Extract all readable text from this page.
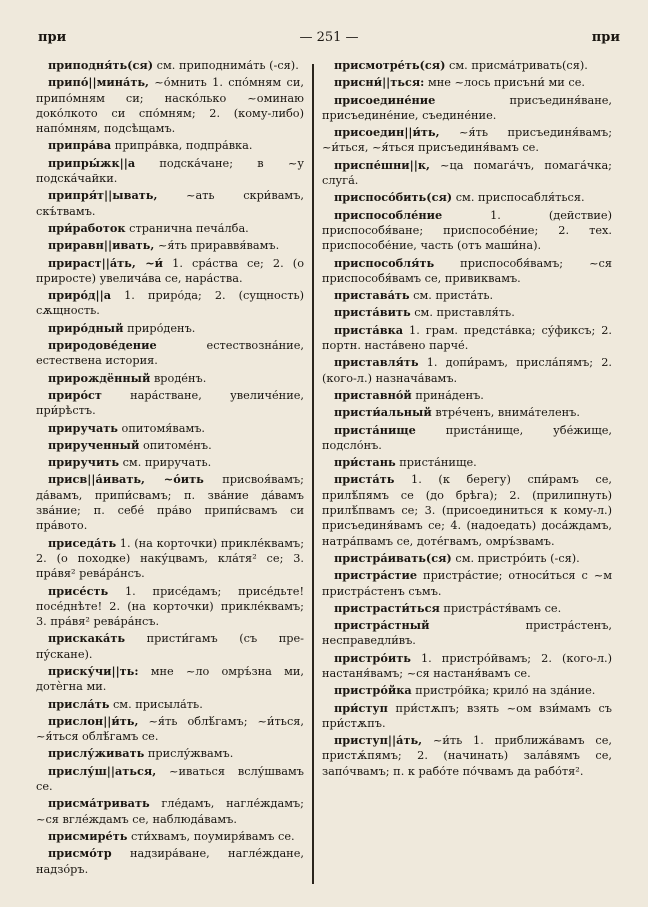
при	— 251 —	при

приподня́ть(ся) см. приподнима́ть (-ся).

припо́||мина́ть, ~о́мнить 1. спо́мням си, припо́мням си; наско́лько ~оминаю доко́лкото си спо́мням; 2. (кому-либо) напо́мням, подсѣщамъ.

припра́ва припра́вка, подпра́вка.

припры́жк||а подска́чане; в ~у подска́чайки.

припря́т||ывать, ~ать скри́вамъ, скъ́твамъ.

при́работок странична печа́лба.

приравн||ивать, ~я́ть прираввя́вамъ.

прираст||а́ть, ~и́ 1. сра́ства се; 2. (о приросте) увелича́ва се, нара́ства.

приро́д||а 1. приро́да; 2. (сущность) сѫщность.

приро́дный приро́денъ.

природове́дение естествозна́ние, естествена история.

прирождённый вроде́нъ.

приро́ст нара́стване, увеличе́ние, при́рѣстъ.

приручать опитомя́вамъ.

прирученный опитоме́нъ.

приручить см. приручать.

присв||а́ивать, ~о́ить присвоя́вамъ; да́вамъ, припи́свамъ; п. зва́ние да́вамъ зва́ние; п. себе́ пра́во припи́свамъ си пра́вото.

приседа́ть 1. (на корточки) прикле́квамъ; 2. (о походке) наку́цвамъ, кла́тя² се; 3. пра́вя² рева́ра́нсъ.

присе́сть 1. присе́дамъ; присе́дьте! посе́днѣте! 2. (на корточки) прикле́квамъ; 3. пра́вя² рева́ра́нсъ.

прискака́ть присти́гамъ (съ пре-пу́скане).

приску́чи||ть: мне ~ло омръ́зна ми, дотѐгна ми.

присла́ть см. присыла́ть.

прислон||и́ть, ~я́ть облѣ́гамъ; ~и́ться, ~я́ться облѣ́гамъ се.

прислу́живать прислу́жвамъ.

прислу́ш||аться, ~иваться вслу́швамъ се.

присма́тривать гле́дамъ, нагле́ждамъ; ~ся вгле́ждамъ се, наблюда́вамъ.

присмире́ть сти́хвамъ, поумиря́вамъ се.

присмо́тр надзира́ване, нагле́ждане, надзо́ръ.

присмотре́ть(ся) см. присма́тривать(ся).

присни́||ться: мне ~лось присъни́ ми се.

присоедине́ние присъединя́ване, присъедине́ние, съедине́ние.

присоедин||и́ть, ~я́ть присъединя́вамъ; ~и́ться, ~я́ться присъединя́вамъ се.

приспе́шни||к, ~ца помага́чъ, помага́чка; слуга́.

приспосо́бить(ся) см. приспосабля́ться.

приспособле́ние 1. (действие) приспособя́ване; приспособе́ние; 2. тех. приспособе́ние, часть (отъ маши́на).

приспособля́ть приспособя́вамъ; ~ся приспособя́вамъ се, привиквамъ.

пристава́ть см. приста́ть.

приста́вить см. приставля́ть.

приста́вка 1. грам. предста́вка; су́фиксъ; 2. портн. наста́вено парче́.

приставля́ть 1. допи́рамъ, присла́пямъ; 2. (кого-л.) назнача́вамъ.

приставно́й прина́денъ.

присти́альный втре́ченъ, внима́теленъ.

приста́нище приста́нище, убе́жище, подсло́нъ.

при́стань приста́нище.

приста́ть 1. (к берегу) спи́рамъ се, прилѣ́пямъ се (до брѣга); 2. (прилипнуть) прилѣ́пвамъ се; 3. (присоединиться к кому-л.) присъединя́вамъ се; 4. (надоедать) доса́ждамъ, натра́пвамъ се, доте́гвамъ, омръ́звамъ.

пристра́ивать(ся) см. пристро́ить (-ся).

пристра́стие пристра́стие; относи́ться с ~м пристра́стенъ съмъ.

пристрасти́ться пристра́стя́вамъ се.

пристра́стный пристра́стенъ, несправедли́въ.

пристро́ить 1. пристро́йвамъ; 2. (кого-л.) настаня́вамъ; ~ся настаня́вамъ се.

пристро́йка пристро́йка; крило́ на зда́ние.

при́ступ при́стѫпъ; взять ~ом взи́мамъ съ при́стѫпъ.

приступ||а́ть, ~и́ть 1. приближа́вамъ се, пристѫ́пямъ; 2. (начинать) зала́вямъ се, запо́чвамъ; п. к рабо́те по́чвамъ да рабо́тя².
